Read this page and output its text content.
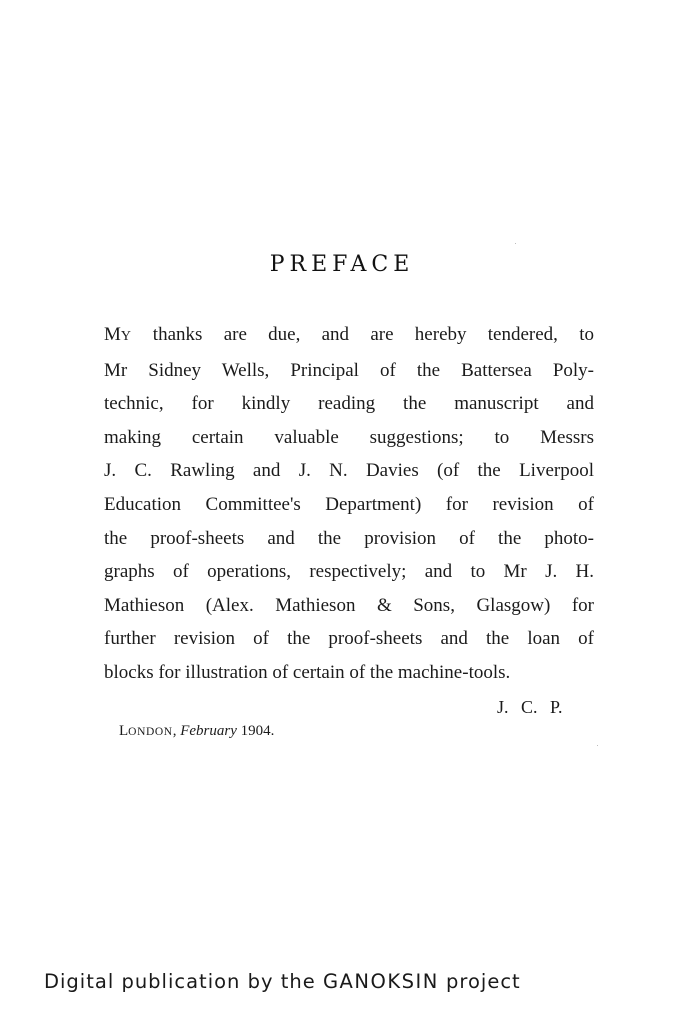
PREFACE
MY thanks are due, and are hereby tendered, to
Mr Sidney Wells, Principal of the Battersea Poly-
technic, for kindly reading the manuscript and
making certain valuable suggestions; to Messrs
J. C. Rawling and J. N. Davies (of the Liverpool
Education Committee's Department) for revision of
the proof-sheets and the provision of the photo-
graphs of operations, respectively; and to Mr J. H.
Mathieson (Alex. Mathieson & Sons, Glasgow) for
further revision of the proof-sheets and the loan of
blocks for illustration of certain of the machine-tools.
J. C. P.
LONDON, February 1904.
Digital publication by the GANOKSIN project
